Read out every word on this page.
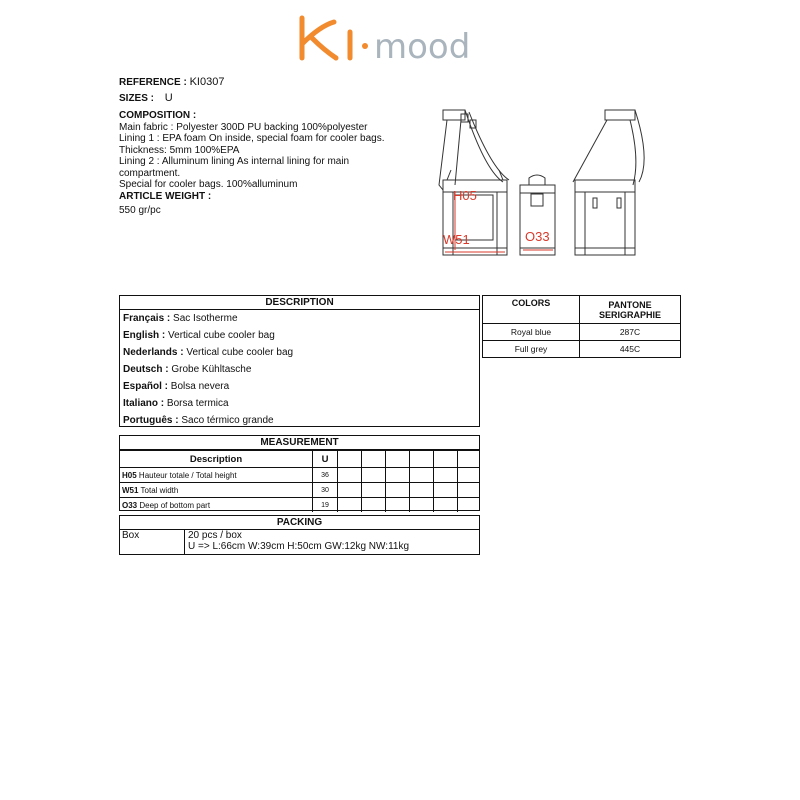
mood
ki
REFERENCE : KI0307
SIZES : U
COMPOSITION :
Main fabric : Polyester 300D PU backing 100%polyester
Lining 1 : EPA foam On inside, special foam for cooler bags.
Thickness: 5mm 100%EPA
Lining 2 : Alluminum lining As internal lining for main
compartment.
Special for cooler bags. 100%alluminum
ARTICLE WEIGHT :
550 gr/pc
H05
W51	O33
DESCRIPTION
Français : Sac Isotherme
English : Vertical cube cooler bag
Nederlands : Vertical cube cooler bag
Deutsch : Grobe Kühltasche
Español : Bolsa nevera
Italiano : Borsa termica
Português : Saco térmico grande
COLORS	PANTONE
SERIGRAPHIE
Royal blue	287C
Full grey	445C
MEASUREMENT
Description	U						
H05 Hauteur totale / Total height	36						
W51 Total width	30						
O33 Deep of bottom part	19						
PACKING
Box	20 pcs / box
U => L:66cm W:39cm H:50cm GW:12kg NW:11kg
